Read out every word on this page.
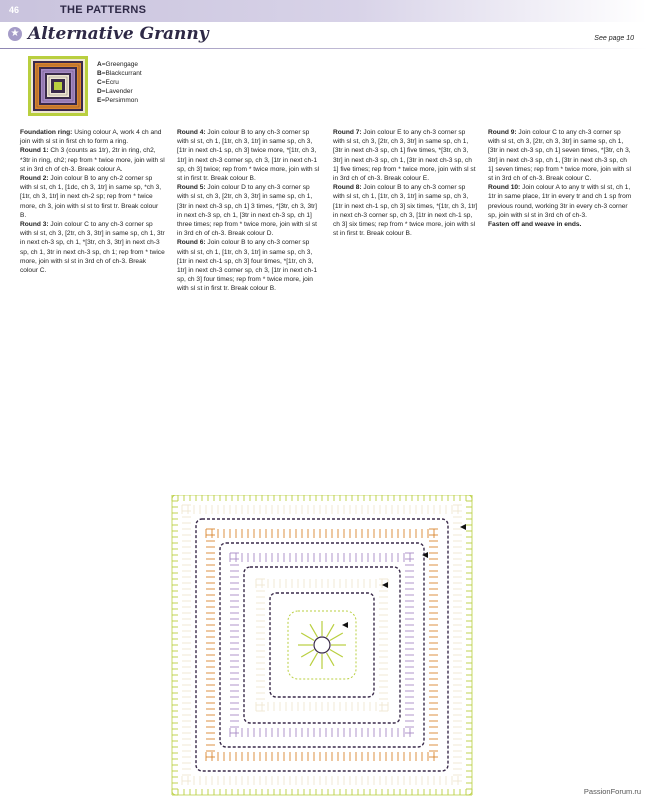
46	THE PATTERNS
★ Alternative Granny	See page 10
A=Greengage
B=Blackcurrant
C=Ecru
D=Lavender
E=Persimmon

Foundation ring: Using colour A, work 4 ch and join with sl st in first ch to form a ring.

Round 1: Ch 3 (counts as 1tr), 2tr in ring, ch2, *3tr in ring, ch2; rep from * twice more, join with sl st in 3rd ch of ch-3. Break colour A.

Round 2: Join colour B to any ch-2 corner sp with sl st, ch 1, [1dc, ch 3, 1tr] in same sp, *ch 3, [1tr, ch 3, 1tr] in next ch-2 sp; rep from * twice more, ch 3, join with sl st to first tr. Break colour B.

Round 3: Join colour C to any ch-3 corner sp with sl st, ch 3, [2tr, ch 3, 3tr] in same sp, ch 1, 3tr in next ch-3 sp, ch 1, *[3tr, ch 3, 3tr] in next ch-3 sp, ch 1, 3tr in next ch-3 sp, ch 1; rep from * twice more, join with sl st in 3rd ch of ch-3. Break colour C.

Round 4: Join colour B to any ch-3 corner sp with sl st, ch 1, [1tr, ch 3, 1tr] in same sp, ch 3, [1tr in next ch-1 sp, ch 3] twice more, *[1tr, ch 3, 1tr] in next ch-3 corner sp, ch 3, [1tr in next ch-1 sp, ch 3] twice; rep from * twice more, join with sl st in first tr. Break colour B.

Round 5: Join colour D to any ch-3 corner sp with sl st, ch 3, [2tr, ch 3, 3tr] in same sp, ch 1, [3tr in next ch-3 sp, ch 1] 3 times, *[3tr, ch 3, 3tr] in next ch-3 sp, ch 1, [3tr in next ch-3 sp, ch 1] three times; rep from * twice more, join with sl st in 3rd ch of ch-3. Break colour D.

Round 6: Join colour B to any ch-3 corner sp with sl st, ch 1, [1tr, ch 3, 1tr] in same sp, ch 3, [1tr in next ch-1 sp, ch 3] four times, *[1tr, ch 3, 1tr] in next ch-3 corner sp, ch 3, [1tr in next ch-1 sp, ch 3] four times; rep from * twice more, join with sl st in first tr. Break colour B.

Round 7: Join colour E to any ch-3 corner sp with sl st, ch 3, [2tr, ch 3, 3tr] in same sp, ch 1, [3tr in next ch-3 sp, ch 1] five times, *[3tr, ch 3, 3tr] in next ch-3 sp, ch 1, [3tr in next ch-3 sp, ch 1] five times; rep from * twice more, join with sl st in 3rd ch of ch-3. Break colour E.

Round 8: Join colour B to any ch-3 corner sp with sl st, ch 1, [1tr, ch 3, 1tr] in same sp, ch 3, [1tr in next ch-1 sp, ch 3] six times, *[1tr, ch 3, 1tr] in next ch-3 corner sp, ch 3, [1tr in next ch-1 sp, ch 3] six times; rep from * twice more, join with sl st in first tr. Break colour B.

Round 9: Join colour C to any ch-3 corner sp with sl st, ch 3, [2tr, ch 3, 3tr] in same sp, ch 1, [3tr in next ch-3 sp, ch 1] seven times, *[3tr, ch 3, 3tr] in next ch-3 sp, ch 1, [3tr in next ch-3 sp, ch 1] seven times; rep from * twice more, join with sl st in 3rd ch of ch-3. Break colour C.

Round 10: Join colour A to any tr with sl st, ch 1, 1tr in same place, 1tr in every tr and ch 1 sp from previous round, working 3tr in every ch-3 corner sp, join with sl st in 3rd ch of ch-3.

Fasten off and weave in ends.

PassionForum.ru
